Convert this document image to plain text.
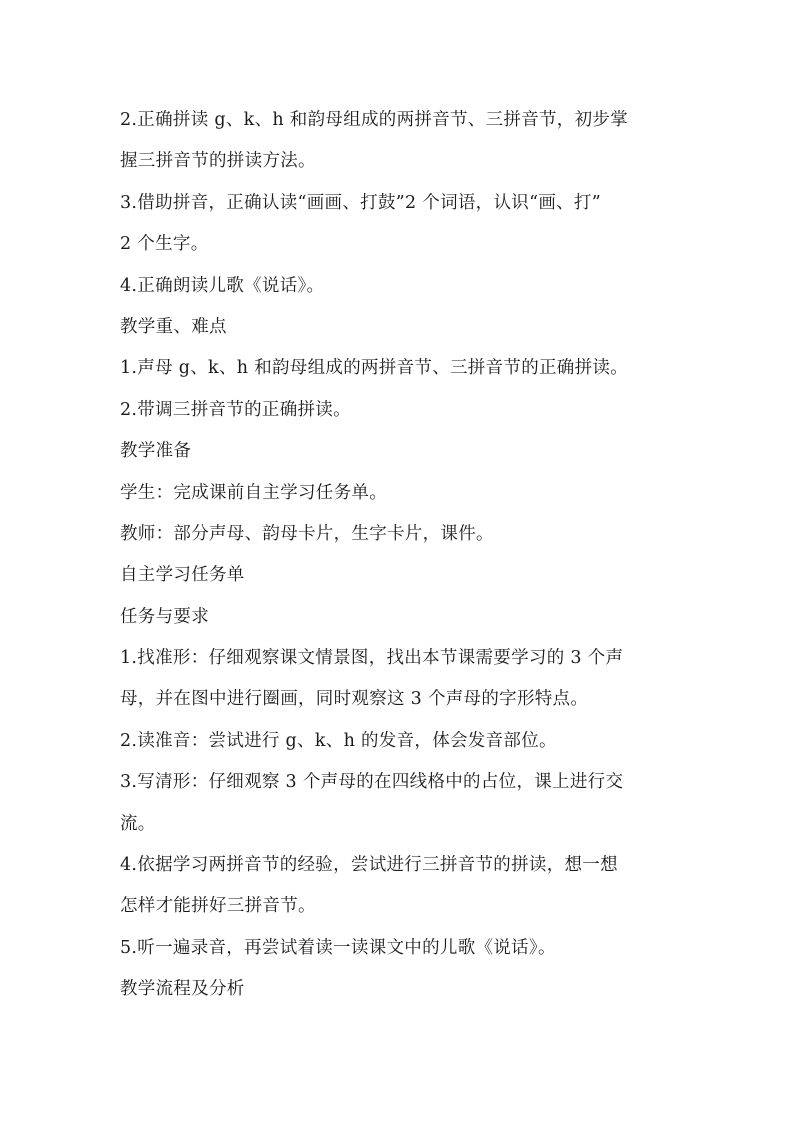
2.正确拼读 g、k、h 和韵母组成的两拼音节、三拼音节，初步掌
握三拼音节的拼读方法。
3.借助拼音，正确认读“画画、打鼓”2 个词语，认识“画、打”
2 个生字。
4.正确朗读儿歌《说话》。
教学重、难点
1.声母 g、k、h 和韵母组成的两拼音节、三拼音节的正确拼读。
2.带调三拼音节的正确拼读。
教学准备
学生：完成课前自主学习任务单。
教师：部分声母、韵母卡片，生字卡片，课件。
自主学习任务单
任务与要求
1.找准形：仔细观察课文情景图，找出本节课需要学习的 3 个声
母，并在图中进行圈画，同时观察这 3 个声母的字形特点。
2.读准音：尝试进行 g、k、h 的发音，体会发音部位。
3.写清形：仔细观察 3 个声母的在四线格中的占位，课上进行交
流。
4.依据学习两拼音节的经验，尝试进行三拼音节的拼读，想一想
怎样才能拼好三拼音节。
5.听一遍录音，再尝试着读一读课文中的儿歌《说话》。
教学流程及分析
